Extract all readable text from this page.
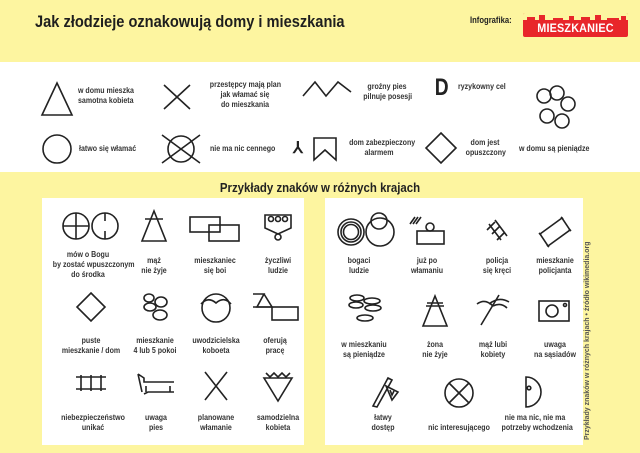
Jak złodzieje oznakowują domy i mieszkania	Infografika:
MIESZKANIEC
w domu mieszka
samotna kobieta
przestępcy mają plan
jak włamać się
do mieszkania
groźny pies
pilnuje posesji D ryzykowny cel
łatwo się włamać	nie ma nic cennego ⅄	dom zabezpieczony
alarmem
dom jest
opuszczony w domu są pieniądze
Przykłady znaków w różnych krajach
mów o Bogu
by zostać wpuszczonym
do środka
mąż
nie żyje
mieszkaniec
się boi
życzliwi
ludzie
puste
mieszkanie / dom
mieszkanie
4 lub 5 pokoi
uwodzicielska
koboeta
oferują
pracę
niebezpieczeństwo
unikać
uwaga
pies
planowane
włamanie
samodzielna
kobieta
bogaci
ludzie
już po
włamaniu
policja
się kręci
mieszkanie
policjanta
w mieszkaniu
są pieniądze
żona
nie żyje
mąż lubi
kobiety
uwaga
na sąsiadów
łatwy
dostęp	nic interesującego
nie ma nic, nie ma
potrzeby wchodzenia Przykłady znaków w różnych krajach • źródło wikimedia.org
